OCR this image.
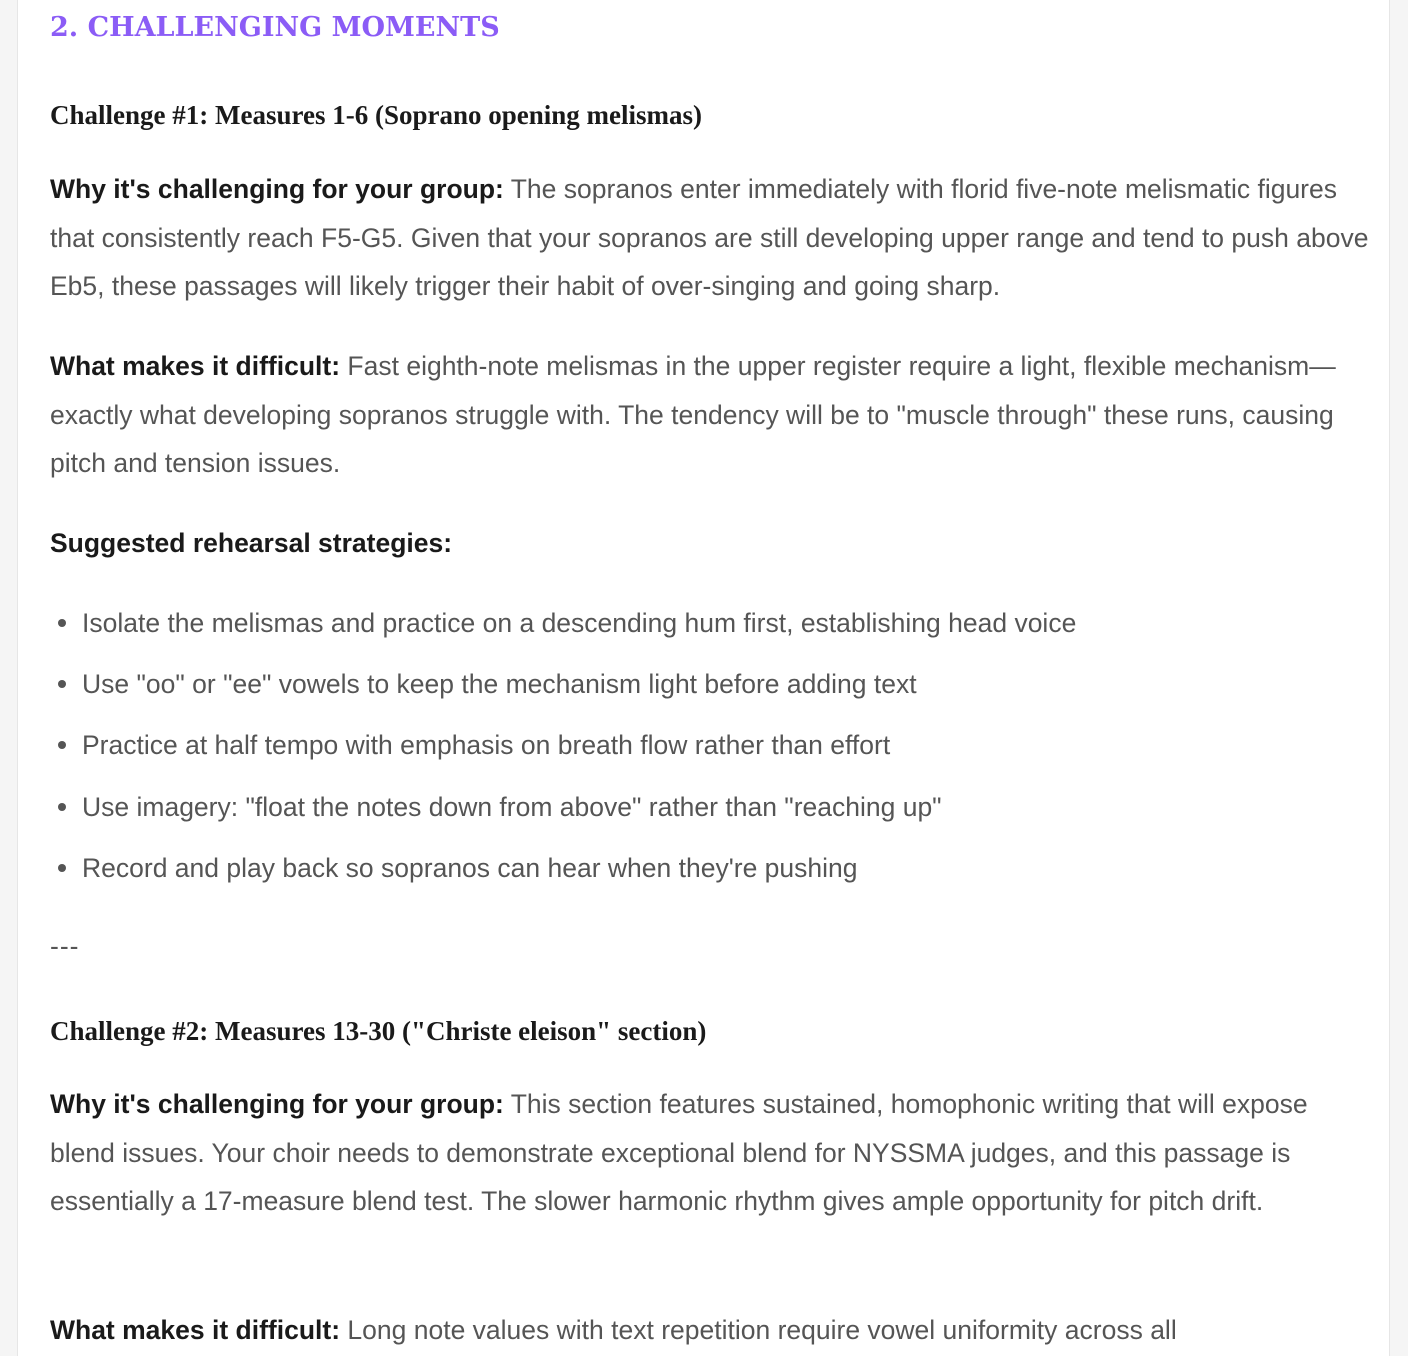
2. CHALLENGING MOMENTS
Challenge #1: Measures 1-6 (Soprano opening melismas)

Why it's challenging for your group: The sopranos enter immediately with florid five-note melismatic figures that consistently reach F5-G5. Given that your sopranos are still developing upper range and tend to push above Eb5, these passages will likely trigger their habit of over-singing and going sharp.

What makes it difficult: Fast eighth-note melismas in the upper register require a light, flexible mechanism—exactly what developing sopranos struggle with. The tendency will be to "muscle through" these runs, causing pitch and tension issues.

Suggested rehearsal strategies:

Isolate the melismas and practice on a descending hum first, establishing head voice
Use "oo" or "ee" vowels to keep the mechanism light before adding text
Practice at half tempo with emphasis on breath flow rather than effort
Use imagery: "float the notes down from above" rather than "reaching up"
Record and play back so sopranos can hear when they're pushing

---

Challenge #2: Measures 13-30 ("Christe eleison" section)

Why it's challenging for your group: This section features sustained, homophonic writing that will expose blend issues. Your choir needs to demonstrate exceptional blend for NYSSMA judges, and this passage is essentially a 17-measure blend test. The slower harmonic rhythm gives ample opportunity for pitch drift.

What makes it difficult: Long note values with text repetition require vowel uniformity across all
